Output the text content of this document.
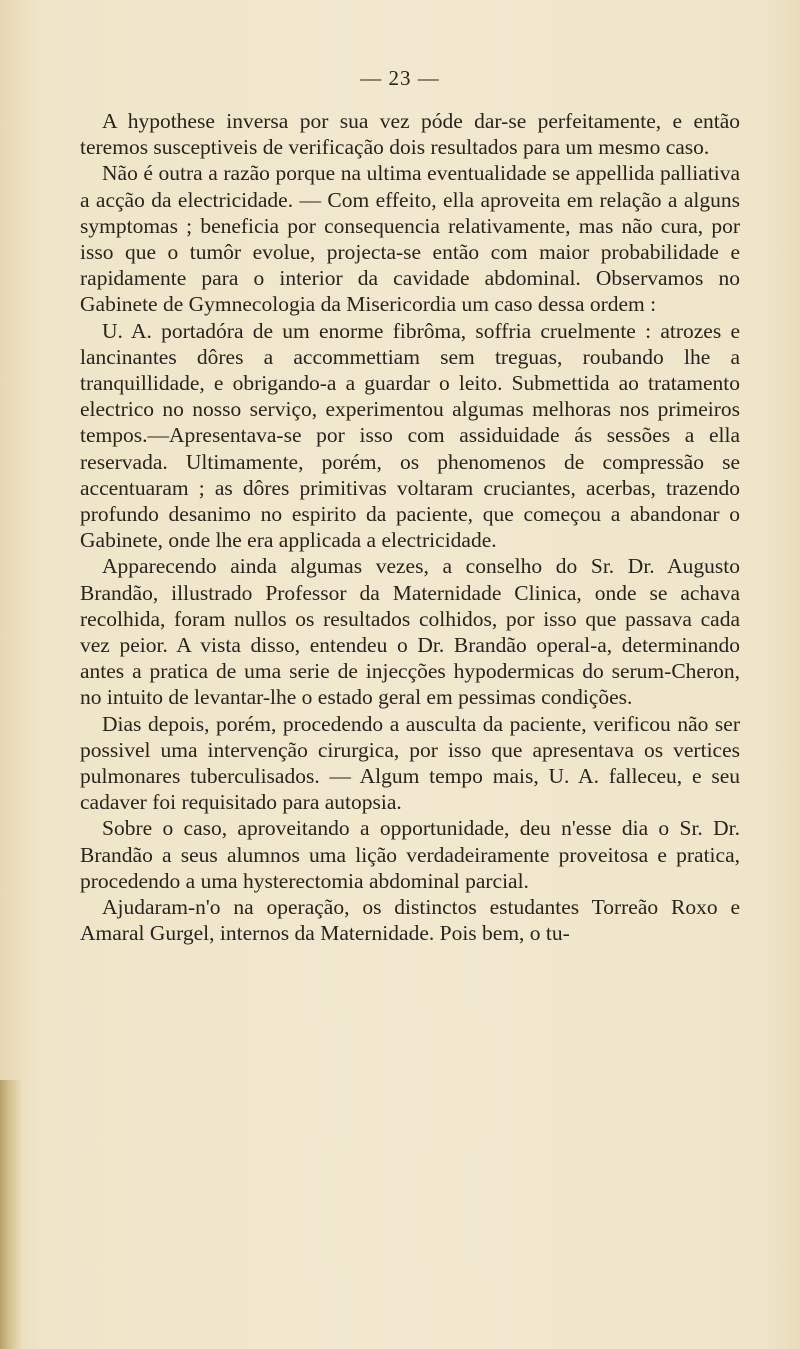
— 23 —

A hypothese inversa por sua vez póde dar-se perfeitamente, e então teremos susceptiveis de verificação dois resultados para um mesmo caso.

Não é outra a razão porque na ultima eventualidade se appellida palliativa a acção da electricidade. — Com effeito, ella aproveita em relação a alguns symptomas ; beneficia por consequencia relativamente, mas não cura, por isso que o tumôr evolue, projecta-se então com maior probabilidade e rapidamente para o interior da cavidade abdominal. Observamos no Gabinete de Gymnecologia da Misericordia um caso dessa ordem :

U. A. portadóra de um enorme fibrôma, soffria cruelmente : atrozes e lancinantes dôres a accommettiam sem treguas, roubando lhe a tranquillidade, e obrigando-a a guardar o leito. Submettida ao tratamento electrico no nosso serviço, experimentou algumas melhoras nos primeiros tempos.—Apresentava-se por isso com assiduidade ás sessões a ella reservada. Ultimamente, porém, os phenomenos de compressão se accentuaram ; as dôres primitivas voltaram cruciantes, acerbas, trazendo profundo desanimo no espirito da paciente, que começou a abandonar o Gabinete, onde lhe era applicada a electricidade.

Apparecendo ainda algumas vezes, a conselho do Sr. Dr. Augusto Brandão, illustrado Professor da Maternidade Clinica, onde se achava recolhida, foram nullos os resultados colhidos, por isso que passava cada vez peior. A vista disso, entendeu o Dr. Brandão operal-a, determinando antes a pratica de uma serie de injecções hypodermicas do serum-Cheron, no intuito de levantar-lhe o estado geral em pessimas condições.

Dias depois, porém, procedendo a ausculta da paciente, verificou não ser possivel uma intervenção cirurgica, por isso que apresentava os vertices pulmonares tuberculisados. — Algum tempo mais, U. A. falleceu, e seu cadaver foi requisitado para autopsia.

Sobre o caso, aproveitando a opportunidade, deu n'esse dia o Sr. Dr. Brandão a seus alumnos uma lição verdadeiramente proveitosa e pratica, procedendo a uma hysterectomia abdominal parcial.

Ajudaram-n'o na operação, os distinctos estudantes Torreão Roxo e Amaral Gurgel, internos da Maternidade. Pois bem, o tu-
